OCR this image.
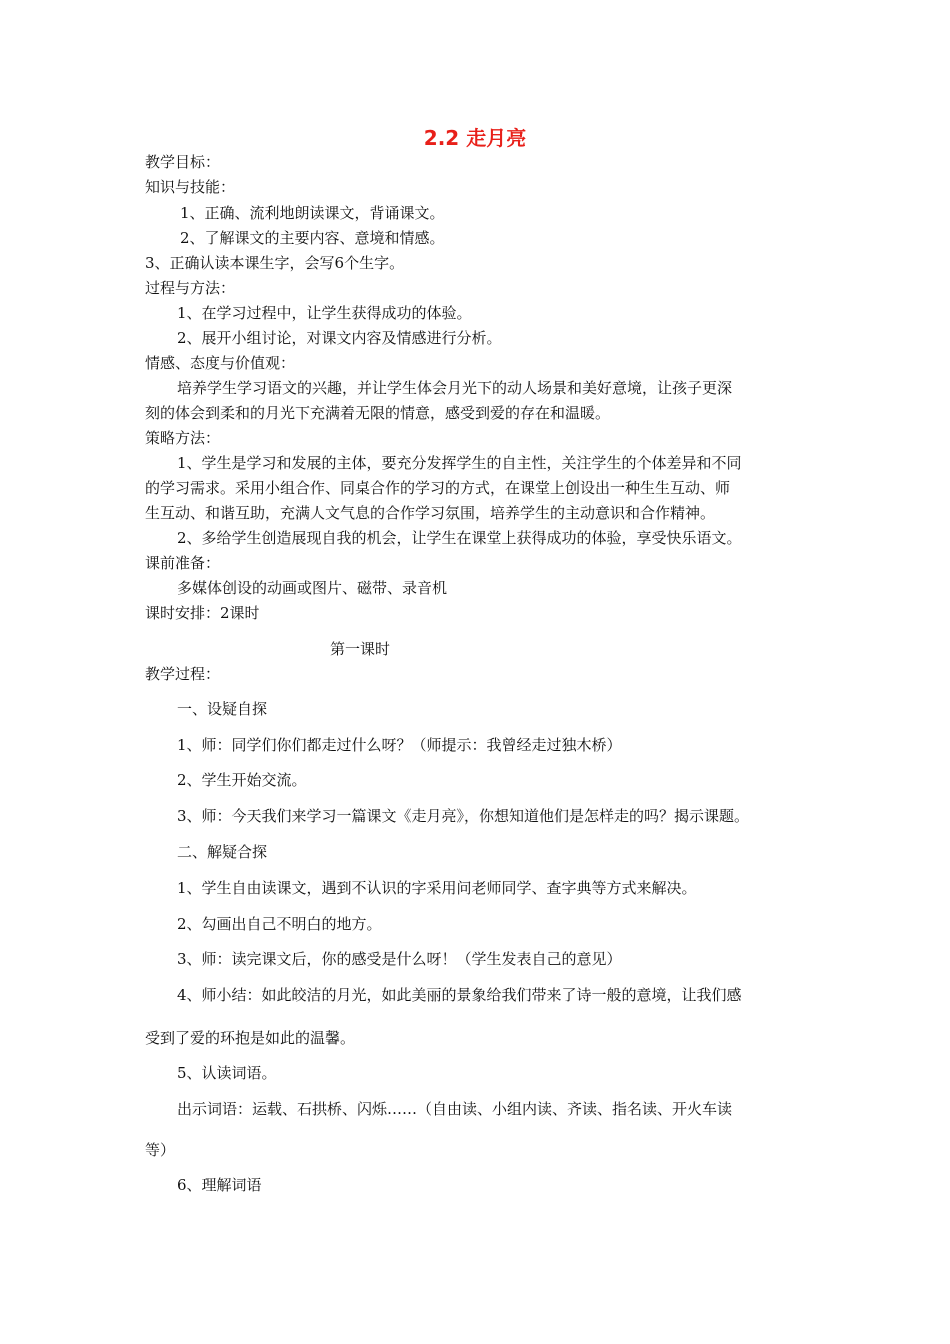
2.2 走月亮
教学目标：
知识与技能：
1、正确、流利地朗读课文，背诵课文。
2、了解课文的主要内容、意境和情感。
3、正确认读本课生字，会写6个生字。
过程与方法：
1、在学习过程中，让学生获得成功的体验。
2、展开小组讨论，对课文内容及情感进行分析。
情感、态度与价值观：
培养学生学习语文的兴趣，并让学生体会月光下的动人场景和美好意境，让孩子更深
刻的体会到柔和的月光下充满着无限的情意，感受到爱的存在和温暖。
策略方法：
1、学生是学习和发展的主体，要充分发挥学生的自主性，关注学生的个体差异和不同
的学习需求。采用小组合作、同桌合作的学习的方式，在课堂上创设出一种生生互动、师
生互动、和谐互助，充满人文气息的合作学习氛围，培养学生的主动意识和合作精神。
2、多给学生创造展现自我的机会，让学生在课堂上获得成功的体验，享受快乐语文。
课前准备：
多媒体创设的动画或图片、磁带、录音机
课时安排：2课时
第一课时
教学过程：
一、设疑自探
1、师：同学们你们都走过什么呀？（师提示：我曾经走过独木桥）
2、学生开始交流。
3、师：今天我们来学习一篇课文《走月亮》，你想知道他们是怎样走的吗？揭示课题。
二、解疑合探
1、学生自由读课文，遇到不认识的字采用问老师同学、查字典等方式来解决。
2、勾画出自己不明白的地方。
3、师：读完课文后，你的感受是什么呀！（学生发表自己的意见）
4、师小结：如此皎洁的月光，如此美丽的景象给我们带来了诗一般的意境，让我们感
受到了爱的环抱是如此的温馨。
5、认读词语。
出示词语：运载、石拱桥、闪烁……（自由读、小组内读、齐读、指名读、开火车读
等）
6、理解词语
